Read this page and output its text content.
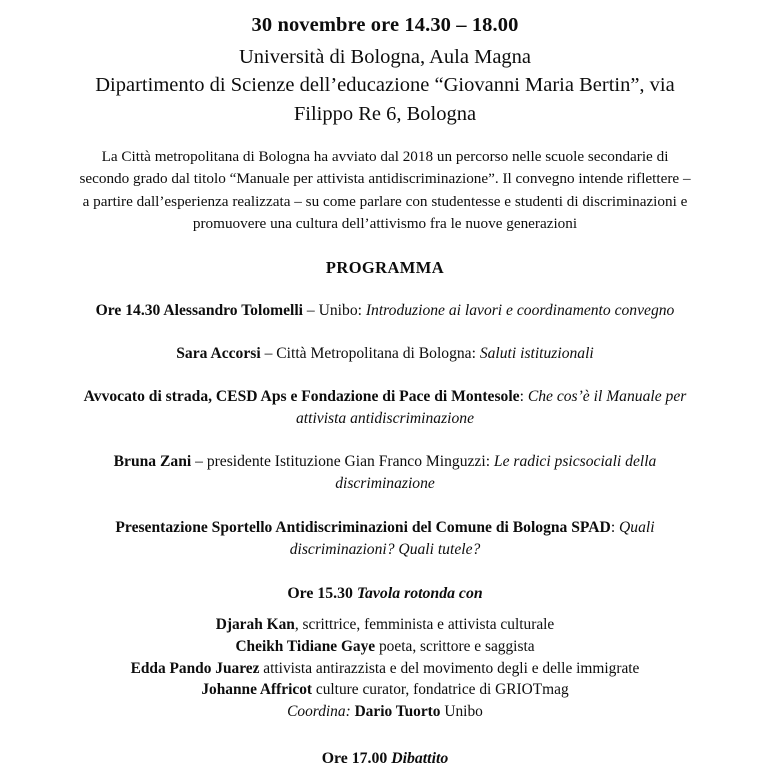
30 novembre ore 14.30 – 18.00
Università di Bologna, Aula Magna
Dipartimento di Scienze dell’educazione “Giovanni Maria Bertin”, via
Filippo Re 6, Bologna

La Città metropolitana di Bologna ha avviato dal 2018 un percorso nelle scuole secondarie di secondo grado dal titolo “Manuale per attivista antidiscriminazione”. Il convegno intende riflettere – a partire dall’esperienza realizzata – su come parlare con studentesse e studenti di discriminazioni e promuovere una cultura dell’attivismo fra le nuove generazioni

PROGRAMMA
Ore 14.30 Alessandro Tolomelli – Unibo: Introduzione ai lavori e coordinamento convegno
Sara Accorsi – Città Metropolitana di Bologna: Saluti istituzionali
Avvocato di strada, CESD Aps e Fondazione di Pace di Montesole: Che cos’è il Manuale per attivista antidiscriminazione
Bruna Zani – presidente Istituzione Gian Franco Minguzzi: Le radici psicsociali della discriminazione
Presentazione Sportello Antidiscriminazioni del Comune di Bologna SPAD: Quali discriminazioni? Quali tutele?
Ore 15.30 Tavola rotonda con
Djarah Kan, scrittrice, femminista e attivista culturale
Cheikh Tidiane Gaye poeta, scrittore e saggista
Edda Pando Juarez attivista antirazzista e del movimento degli e delle immigrate
Johanne Affricot culture curator, fondatrice di GRIOTmag
Coordina: Dario Tuorto Unibo
Ore 17.00 Dibattito
